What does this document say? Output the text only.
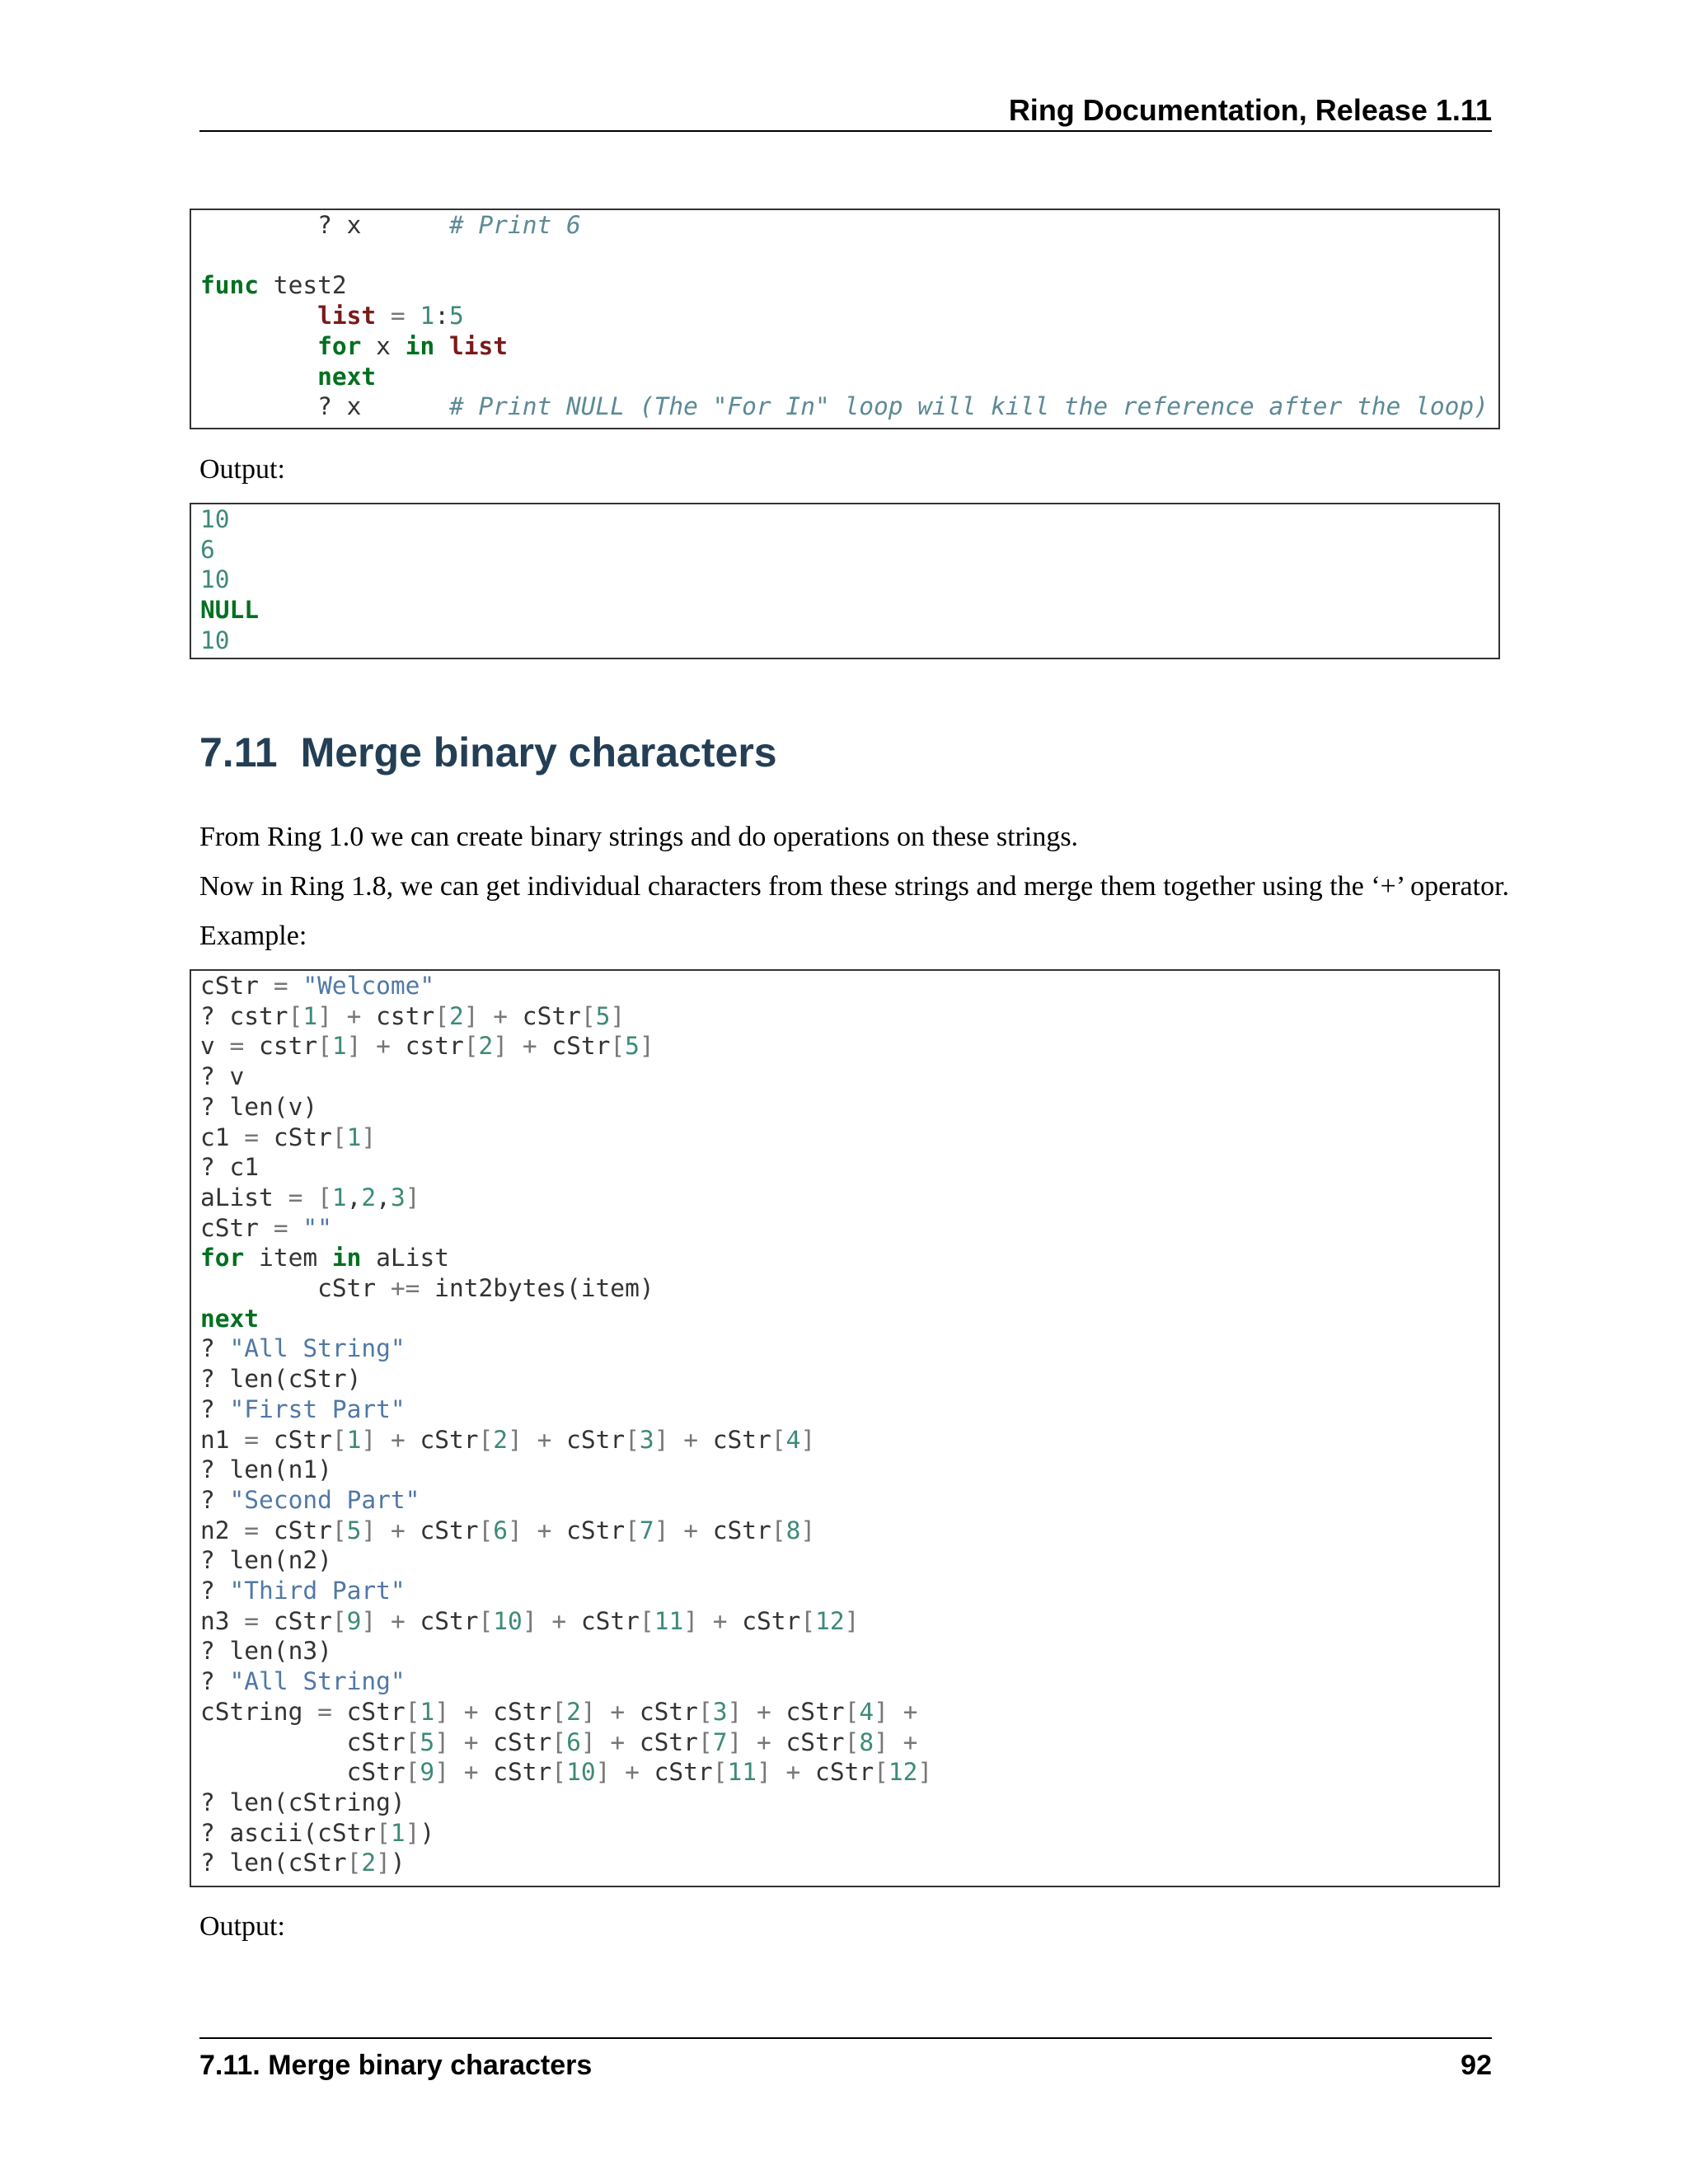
Ring Documentation, Release 1.11
? x      # Print 6

func test2
list = 1:5
for x in list
next
? x      # Print NULL (The "For In" loop will kill the reference after the loop)
Output:
10
6
10
NULL
10
7.11 Merge binary characters
From Ring 1.0 we can create binary strings and do operations on these strings.
Now in Ring 1.8, we can get individual characters from these strings and merge them together using the ‘+’ operator.
Example:
cStr = "Welcome"
? cstr[1] + cstr[2] + cStr[5]
v = cstr[1] + cstr[2] + cStr[5]
? v
? len(v)
c1 = cStr[1]
? c1
aList = [1,2,3]
cStr = ""
for item in aList
cStr += int2bytes(item)
next
? "All String"
? len(cStr)
? "First Part"
n1 = cStr[1] + cStr[2] + cStr[3] + cStr[4]
? len(n1)
? "Second Part"
n2 = cStr[5] + cStr[6] + cStr[7] + cStr[8]
? len(n2)
? "Third Part"
n3 = cStr[9] + cStr[10] + cStr[11] + cStr[12]
? len(n3)
? "All String"
cString = cStr[1] + cStr[2] + cStr[3] + cStr[4] +
cStr[5] + cStr[6] + cStr[7] + cStr[8] +
cStr[9] + cStr[10] + cStr[11] + cStr[12]
? len(cString)
? ascii(cStr[1])
? len(cStr[2])
Output:
7.11. Merge binary characters	92
